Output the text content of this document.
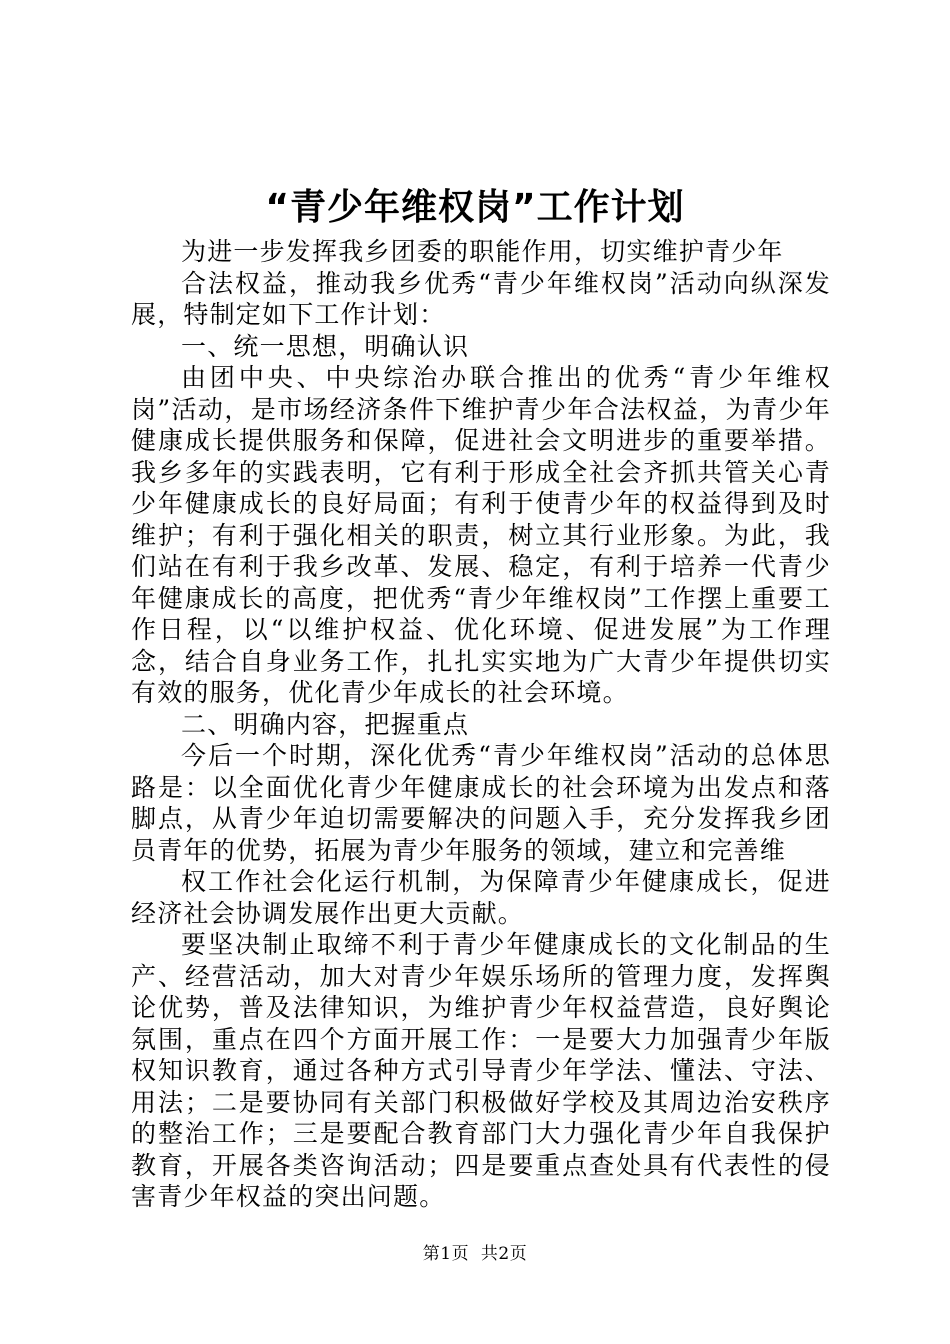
“青少年维权岗”工作计划

为进一步发挥我乡团委的职能作用，切实维护青少年

合法权益，推动我乡优秀“青少年维权岗”活动向纵深发展，特制定如下工作计划：

一、统一思想，明确认识

由团中央、中央综治办联合推出的优秀“青少年维权岗”活动，是市场经济条件下维护青少年合法权益，为青少年健康成长提供服务和保障，促进社会文明进步的重要举措。我乡多年的实践表明，它有利于形成全社会齐抓共管关心青少年健康成长的良好局面；有利于使青少年的权益得到及时维护；有利于强化相关的职责，树立其行业形象。为此，我们站在有利于我乡改革、发展、稳定，有利于培养一代青少年健康成长的高度，把优秀“青少年维权岗”工作摆上重要工作日程，以“以维护权益、优化环境、促进发展”为工作理念，结合自身业务工作，扎扎实实地为广大青少年提供切实有效的服务，优化青少年成长的社会环境。

二、明确内容，把握重点

今后一个时期，深化优秀“青少年维权岗”活动的总体思路是：以全面优化青少年健康成长的社会环境为出发点和落脚点，从青少年迫切需要解决的问题入手，充分发挥我乡团员青年的优势，拓展为青少年服务的领域，建立和完善维

权工作社会化运行机制，为保障青少年健康成长，促进经济社会协调发展作出更大贡献。

要坚决制止取缔不利于青少年健康成长的文化制品的生产、经营活动，加大对青少年娱乐场所的管理力度，发挥舆论优势，普及法律知识，为维护青少年权益营造，良好舆论氛围，重点在四个方面开展工作：一是要大力加强青少年版权知识教育，通过各种方式引导青少年学法、懂法、守法、用法；二是要协同有关部门积极做好学校及其周边治安秩序的整治工作；三是要配合教育部门大力强化青少年自我保护教育，开展各类咨询活动；四是要重点查处具有代表性的侵害青少年权益的突出问题。

第1页 共2页
